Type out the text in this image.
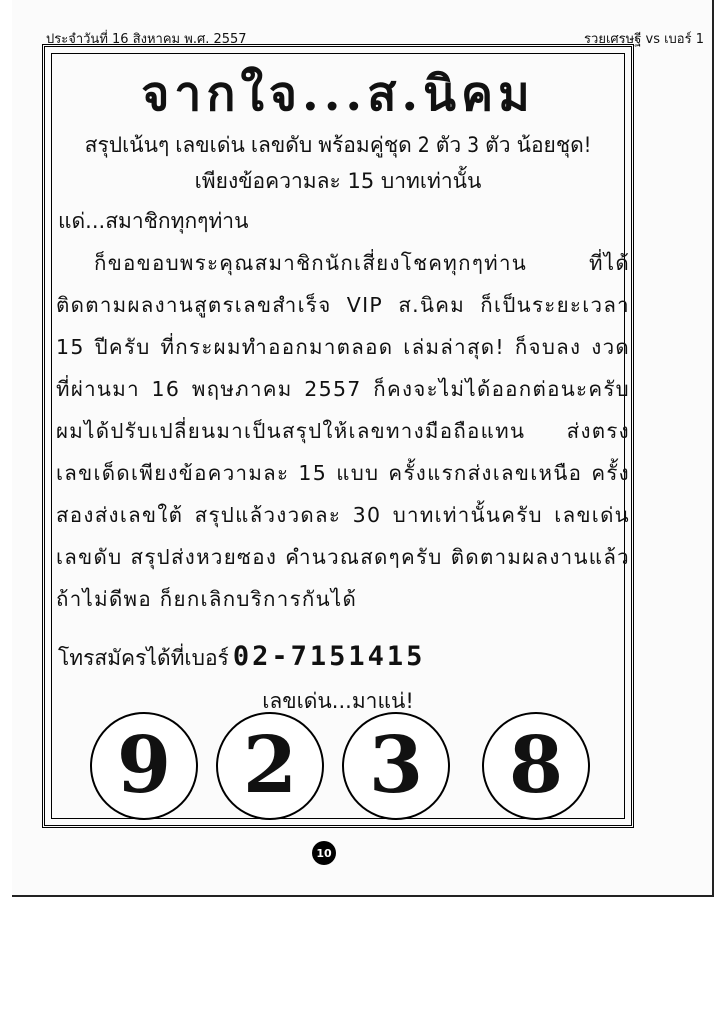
ประจำวันที่ 16 สิงหาคม พ.ศ. 2557	รวยเศรษฐี vs เบอร์ 1
จากใจ...ส.นิคม
สรุปเน้นๆ เลขเด่น เลขดับ พร้อมคู่ชุด 2 ตัว 3 ตัว น้อยชุด!
เพียงข้อความละ 15 บาทเท่านั้น
แด่...สมาชิกทุกๆท่าน
ก็ขอขอบพระคุณสมาชิกนักเสี่ยงโชคทุกๆท่าน ที่ได้ติดตามผลงานสูตรเลขสำเร็จ VIP ส.นิคม ก็เป็นระยะเวลา 15 ปีครับ ที่กระผมทำออกมาตลอด เล่มล่าสุด! ก็จบลง งวดที่ผ่านมา 16 พฤษภาคม 2557 ก็คงจะไม่ได้ออกต่อนะครับ ผมได้ปรับเปลี่ยนมาเป็นสรุปให้เลขทางมือถือแทน ส่งตรงเลขเด็ดเพียงข้อความละ 15 แบบ ครั้งแรกส่งเลขเหนือ ครั้งสองส่งเลขใต้ สรุปแล้วงวดละ 30 บาทเท่านั้นครับ เลขเด่น เลขดับ สรุปส่งหวยซอง คำนวณสดๆครับ ติดตามผลงานแล้วถ้าไม่ดีพอ ก็ยกเลิกบริการกันได้
โทรสมัครได้ที่เบอร์ 02-7151415
เลขเด่น...มาแน่!
9 2 3	8
10
